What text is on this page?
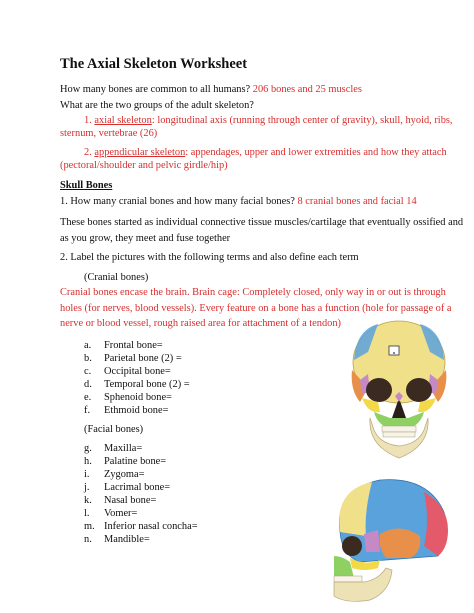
The Axial Skeleton Worksheet
How many bones are common to all humans? 206 bones and 25 muscles
What are the two groups of the adult skeleton?
1. axial skeleton: longitudinal axis (running through center of gravity), skull, hyoid, ribs,
sternum, vertebrae (26)
2. appendicular skeleton: appendages, upper and lower extremities and how they attach
(pectoral/shoulder and pelvic girdle/hip)
Skull Bones
1. How many cranial bones and how many facial bones? 8 cranial bones and facial 14
These bones started as individual connective tissue muscles/cartilage that eventually ossified and
as you grow, they meet and fuse together
2. Label the pictures with the following terms and also define each term
(Cranial bones)
Cranial bones encase the brain. Brain cage: Completely closed, only way in or out is through
holes (for nerves, blood vessels). Every feature on a bone has a function (hole for passage of a
nerve or blood vessel, rough raised area for attachment of a tendon)
a. Frontal bone=
b. Parietal bone (2) =
c. Occipital bone=
d. Temporal bone (2) =
e. Sphenoid bone=
f. Ethmoid bone=
(Facial bones)
g. Maxilla=
h. Palatine bone=
i. Zygoma=
j. Lacrimal bone=
k. Nasal bone=
l. Vomer=
m. Inferior nasal concha=
n. Mandible=
